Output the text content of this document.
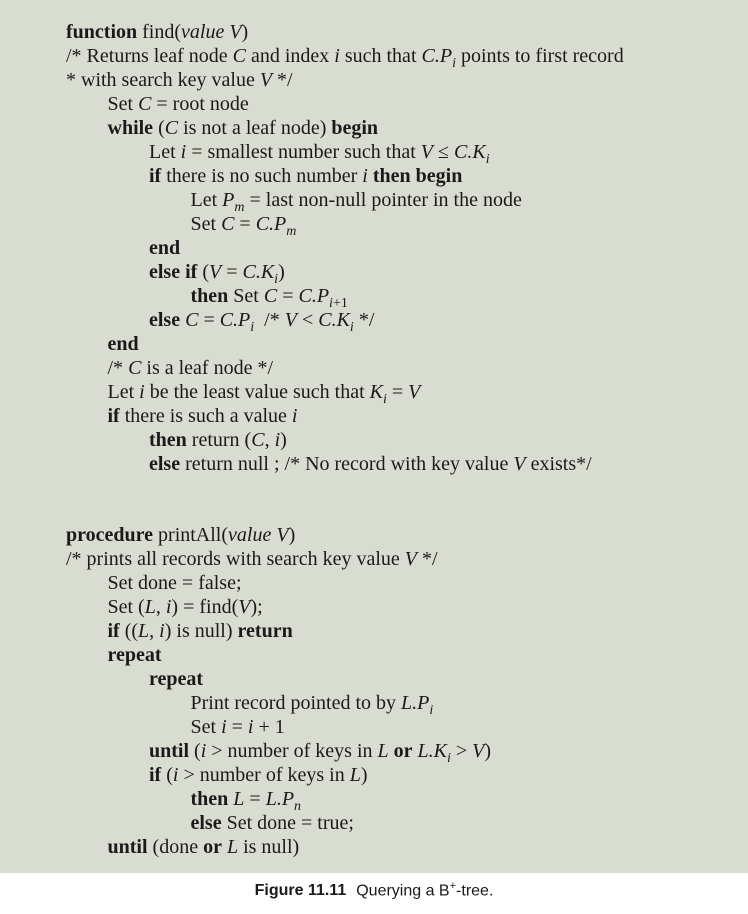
function find(value V)
/* Returns leaf node C and index i such that $C.P_i$ points to first record
* with search key value V */
Set C = root node
while (C is not a leaf node) begin
Let i = smallest number such that $V \le C.K_i$
if there is no such number i then begin
Let $P_m$ = last non-null pointer in the node
Set $C = C.P_m$
end
else if $(V = C.K_i)$
then Set $C = C.P_{i+1}$
else $C = C.P_i /* V < C.K_i$ */
end
/* C is a leaf node */
Let i be the least value such that $K_i = V$
if there is such a value i
then return (C, i)
else return null ; /* No record with key value V exists*/
procedure printAll(value V)
/* prints all records with search key value V */
Set done = false;
Set (L, i) = find(V);
if ((L, i) is null) return
repeat
repeat
Print record pointed to by $L.P_i$
Set i = i + 1
until (i > number of keys in L or $L.K_i > V$)
if (i > number of keys in L)
then $L = L.P_n$
else Set done = true;
until (done or L is null)
Figure 11.11 Querying a B+-tree.
